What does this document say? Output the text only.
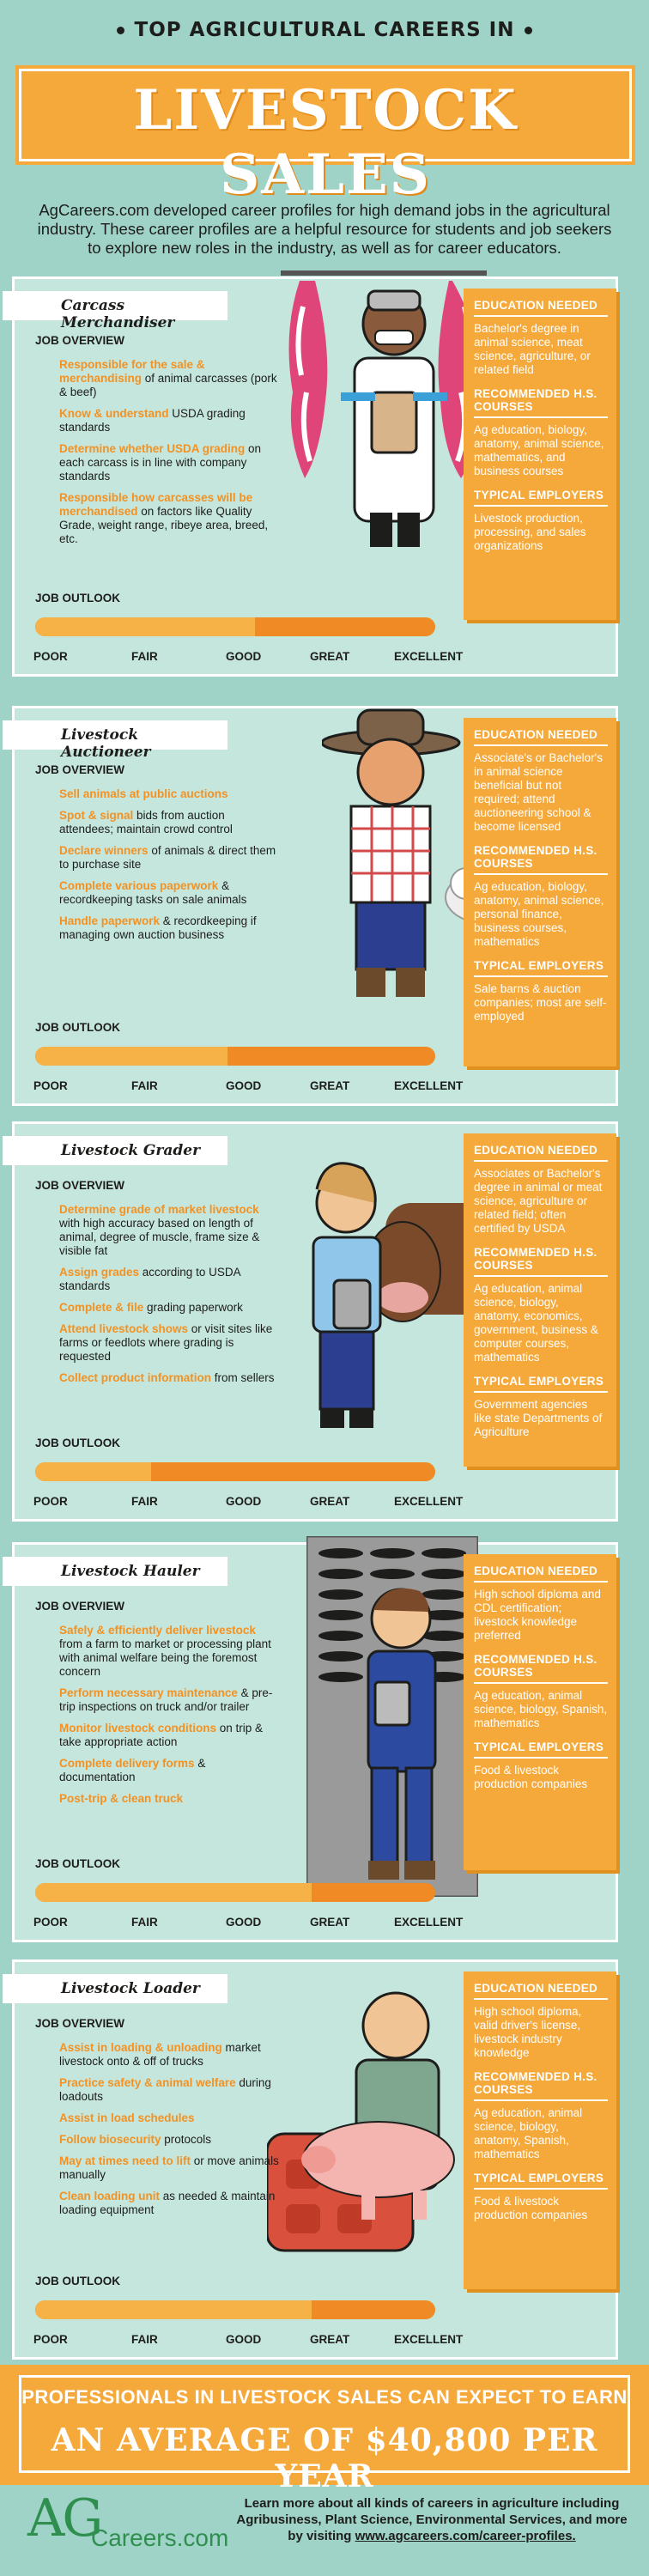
TOP AGRICULTURAL CAREERS IN
LIVESTOCK SALES
AgCareers.com developed career profiles for high demand jobs in the agricultural industry. These career profiles are a helpful resource for students and job seekers to explore new roles in the industry, as well as for career educators.
Carcass Merchandiser
JOB OVERVIEW
Responsible for the sale & merchandising of animal carcasses (pork & beef)
Know & understand USDA grading standards
Determine whether USDA grading on each carcass is in line with company standards
Responsible how carcasses will be merchandised on factors like Quality Grade, weight range, ribeye area, breed, etc.
JOB OUTLOOK
POOR	FAIR	GOOD	GREAT	EXCELLENT
EDUCATION NEEDED

Bachelor's degree in animal science, meat science, agriculture, or related field

RECOMMENDED H.S. COURSES

Ag education, biology, anatomy, animal science, mathematics, and business courses

TYPICAL EMPLOYERS

Livestock production, processing, and sales organizations

Livestock Auctioneer
JOB OVERVIEW
Sell animals at public auctions
Spot & signal bids from auction attendees; maintain crowd control
Declare winners of animals & direct them to purchase site
Complete various paperwork & recordkeeping tasks on sale animals
Handle paperwork & recordkeeping if managing own auction business
JOB OUTLOOK
POOR	FAIR	GOOD	GREAT	EXCELLENT
EDUCATION NEEDED

Associate's or Bachelor's in animal science beneficial but not required; attend auctioneering school & become licensed

RECOMMENDED H.S. COURSES

Ag education, biology, anatomy, animal science, personal finance, business courses, mathematics

TYPICAL EMPLOYERS

Sale barns & auction companies; most are self-employed

Livestock Grader
JOB OVERVIEW
Determine grade of market livestock with high accuracy based on length of animal, degree of muscle, frame size & visible fat
Assign grades according to USDA standards
Complete & file grading paperwork
Attend livestock shows or visit sites like farms or feedlots where grading is requested
Collect product information from sellers
JOB OUTLOOK
POOR	FAIR	GOOD	GREAT	EXCELLENT
EDUCATION NEEDED

Associates or Bachelor's degree in animal or meat science, agriculture or related field; often certified by USDA

RECOMMENDED H.S. COURSES

Ag education, animal science, biology, anatomy, economics, government, business & computer courses, mathematics

TYPICAL EMPLOYERS

Government agencies like state Departments of Agriculture

Livestock Hauler
JOB OVERVIEW
Safely & efficiently deliver livestock from a farm to market or processing plant with animal welfare being the foremost concern
Perform necessary maintenance & pre-trip inspections on truck and/or trailer
Monitor livestock conditions on trip & take appropriate action
Complete delivery forms & documentation
Post-trip & clean truck
JOB OUTLOOK
POOR	FAIR	GOOD	GREAT	EXCELLENT
EDUCATION NEEDED

High school diploma and CDL certification; livestock knowledge preferred

RECOMMENDED H.S. COURSES

Ag education, animal science, biology, Spanish, mathematics

TYPICAL EMPLOYERS

Food & livestock production companies

Livestock Loader
JOB OVERVIEW
Assist in loading & unloading market livestock onto & off of trucks
Practice safety & animal welfare during loadouts
Assist in load schedules
Follow biosecurity protocols
May at times need to lift or move animals manually
Clean loading unit as needed & maintain loading equipment
JOB OUTLOOK
POOR	FAIR	GOOD	GREAT	EXCELLENT
EDUCATION NEEDED

High school diploma, valid driver's license, livestock industry knowledge

RECOMMENDED H.S. COURSES

Ag education, animal science, biology, anatomy, Spanish, mathematics

TYPICAL EMPLOYERS

Food & livestock production companies

PROFESSIONALS IN LIVESTOCK SALES CAN EXPECT TO EARN
AN AVERAGE OF $40,800 PER YEAR
AG
Careers.com
Learn more about all kinds of careers in agriculture including Agribusiness, Plant Science, Environmental Services, and more by visiting www.agcareers.com/career-profiles.
